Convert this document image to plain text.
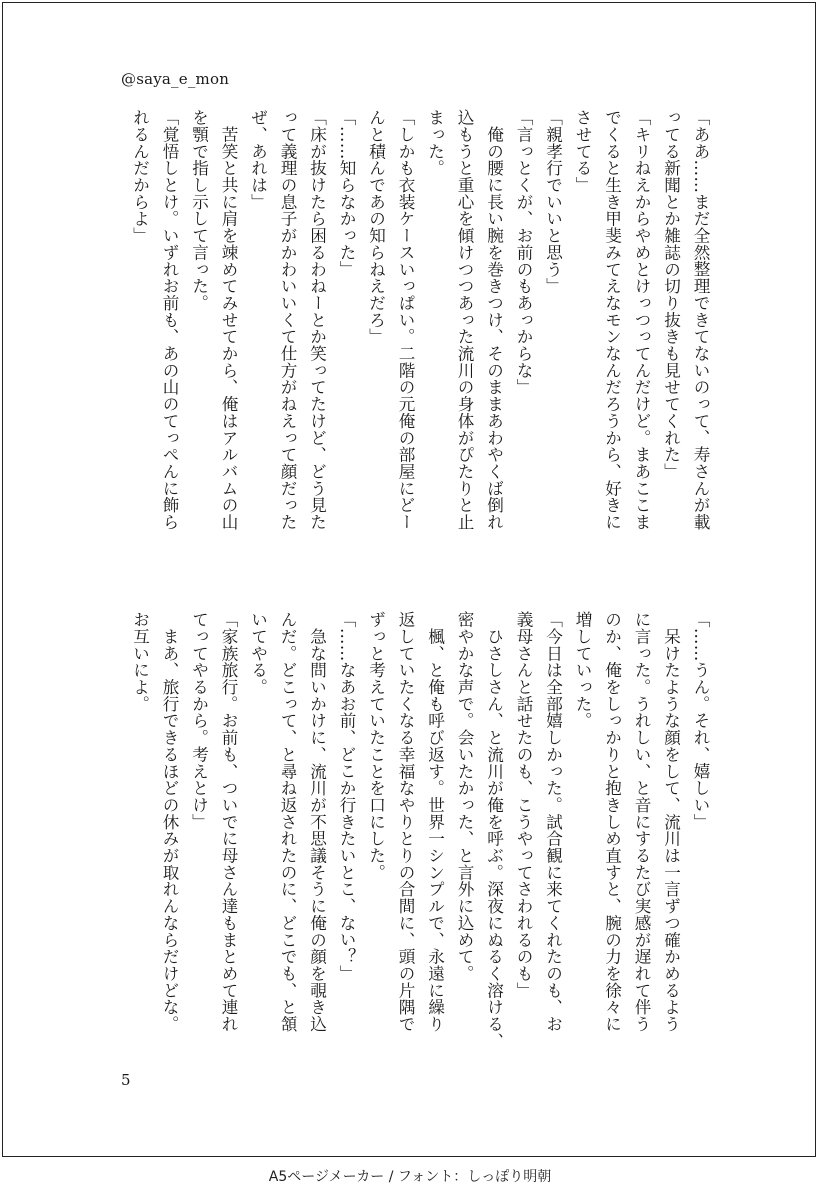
@saya_e_mon
「ああ……まだ全然整理できてないのって、寿さんが載
ってる新聞とか雑誌の切り抜きも見せてくれた」
「キリねえからやめとけっつってんだけど。まあここま
でくると生き甲斐みてえなモンなんだろうから、好きに
させてる」
「親孝行でいいと思う」
「言っとくが、お前のもあっからな」
　俺の腰に長い腕を巻きつけ、そのままあわやくば倒れ
込もうと重心を傾けつつあった流川の身体がぴたりと止
まった。
「しかも衣装ケースいっぱい。二階の元俺の部屋にどー
んと積んであの知らねえだろ」
「……知らなかった」
「床が抜けたら困るわねーとか笑ってたけど、どう見た
って義理の息子がかわいいくて仕方がねえって顔だった
ぜ、あれは」
　苦笑と共に肩を竦めてみせてから、俺はアルバムの山
を顎で指し示して言った。
「覚悟しとけ。いずれお前も、あの山のてっぺんに飾ら
れるんだからよ」
「……うん。それ、嬉しい」
　呆けたような顔をして、流川は一言ずつ確かめるよう
に言った。うれしい、と音にするたび実感が遅れて伴う
のか、俺をしっかりと抱きしめ直すと、腕の力を徐々に
増していった。
「今日は全部嬉しかった。試合観に来てくれたのも、お
義母さんと話せたのも、こうやってさわれるのも」
　ひさしさん、と流川が俺を呼ぶ。深夜にぬるく溶ける、
密やかな声で。会いたかった、と言外に込めて。
　楓、と俺も呼び返す。世界一シンプルで、永遠に繰り
返していたくなる幸福なやりとりの合間に、頭の片隅で
ずっと考えていたことを口にした。
「……なあお前、どこか行きたいとこ、ない？」
　急な問いかけに、流川が不思議そうに俺の顔を覗き込
んだ。どこって、と尋ね返されたのに、どこでも、と頷
いてやる。
「家族旅行。お前も、ついでに母さん達もまとめて連れ
てってやるから。考えとけ」
　まあ、旅行できるほどの休みが取れんならだけどな。
お互いによ。
5
A5ページメーカー / フォント：しっぽり明朝
